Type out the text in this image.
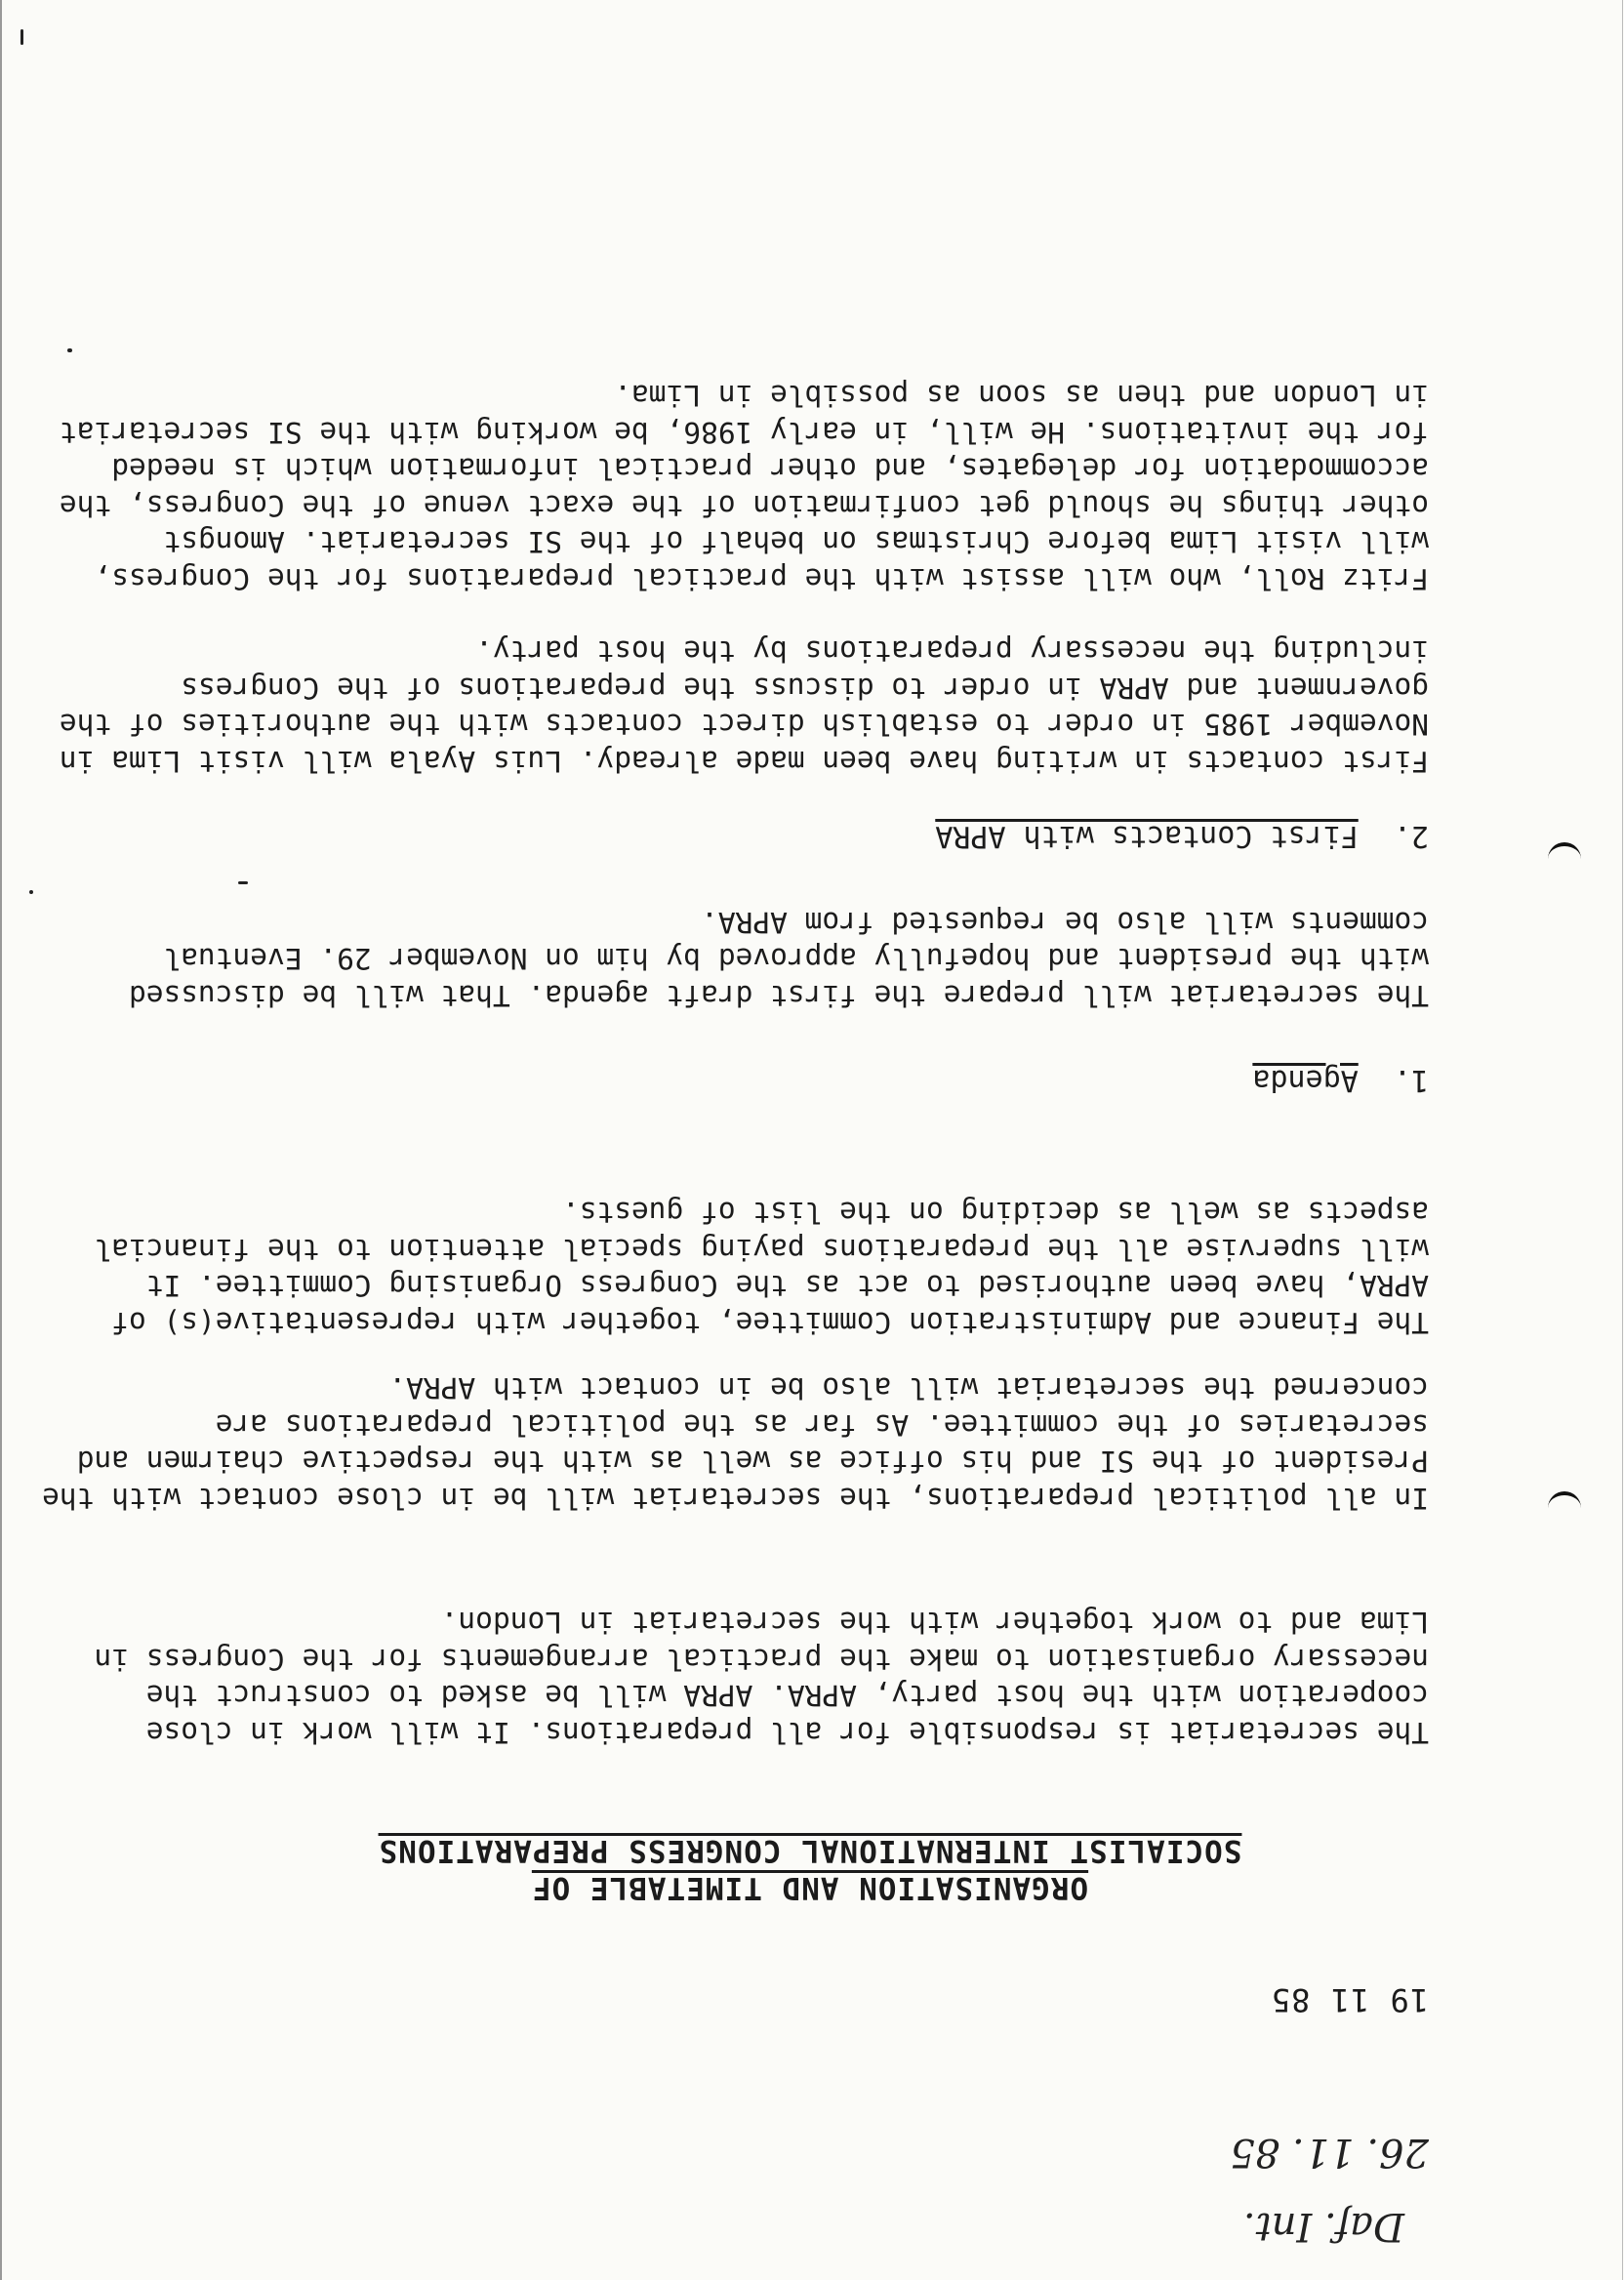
Daf. Int.
26. 11. 85
19 11 85
ORGANISATION AND TIMETABLE OF
SOCIALIST INTERNATIONAL CONGRESS PREPARATIONS

The secretariat is responsible for all preparations. It will work in close
cooperation with the host party, APRA. APRA will be asked to construct the
necessary organisation to make the practical arrangements for the Congress in
Lima and to work together with the secretariat in London.

In all political preparations, the secretariat will be in close contact with the
President of the SI and his office as well as with the respective chairmen and
secretaries of the committee. As far as the political preparations are
concerned the secretariat will also be in contact with APRA.

The Finance and Administration Committee, together with representative(s) of
APRA, have been authorised to act as the Congress Organising Committee. It
will supervise all the preparations paying special attention to the financial
aspects as well as deciding on the list of guests.

1.  Agenda

The secretariat will prepare the first draft agenda. That will be discussed
with the president and hopefully approved by him on November 29. Eventual
comments will also be requested from APRA.

2.  First Contacts with APRA

First contacts in writing have been made already. Luis Ayala will visit Lima in
November 1985 in order to establish direct contacts with the authorities of the
government and APRA in order to discuss the preparations of the Congress
including the necessary preparations by the host party.

Fritz Roll, who will assist with the practical preparations for the Congress,
will visit Lima before Christmas on behalf of the SI secretariat. Amongst
other things he should get confirmation of the exact venue of the Congress, the
accommodation for delegates, and other practical information which is needed
for the invitations. He will, in early 1986, be working with the SI secretariat
in London and then as soon as possible in Lima.
